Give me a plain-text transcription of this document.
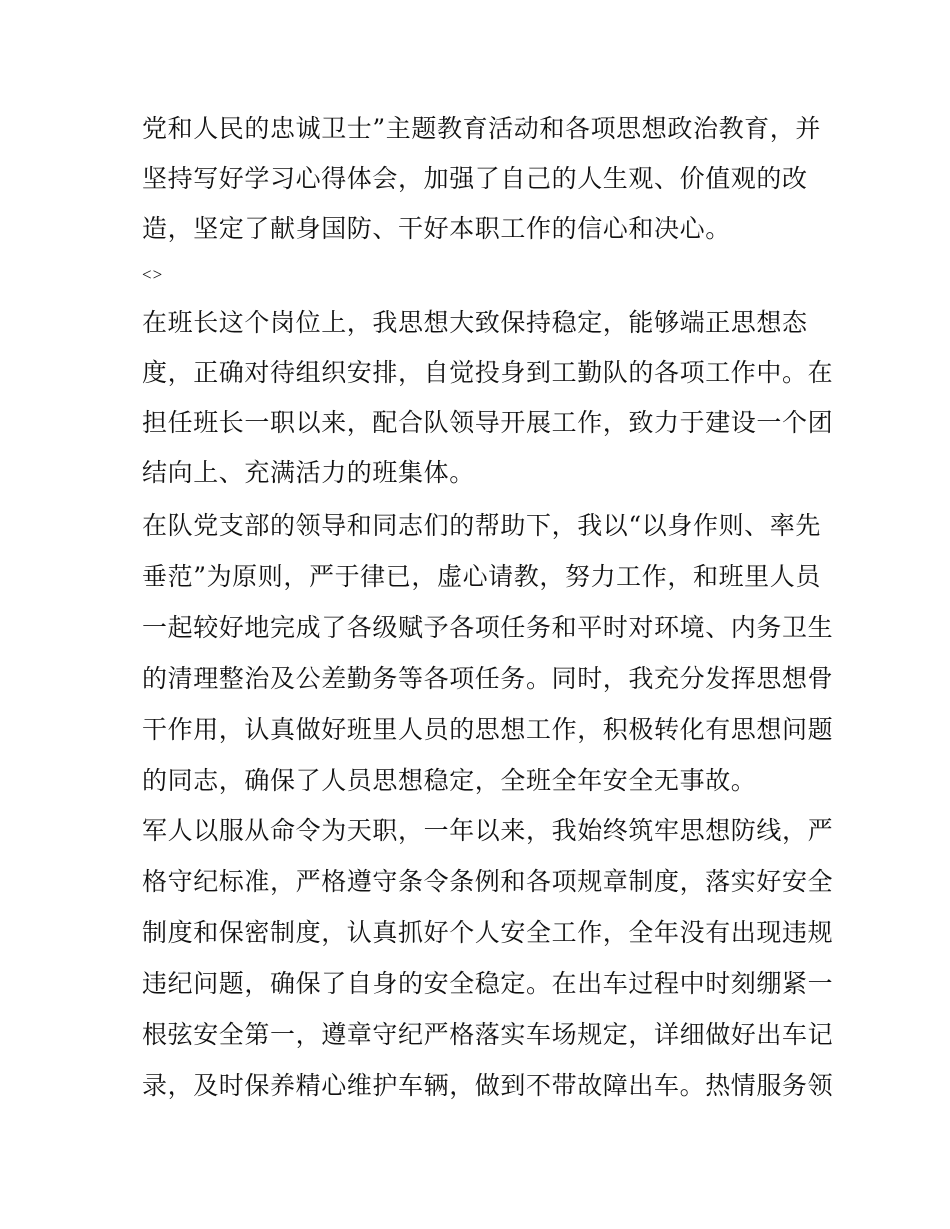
党和人民的忠诚卫士”主题教育活动和各项思想政治教育，并
坚持写好学习心得体会，加强了自己的人生观、价值观的改
造，坚定了献身国防、干好本职工作的信心和决心。
<>
在班长这个岗位上，我思想大致保持稳定，能够端正思想态
度，正确对待组织安排，自觉投身到工勤队的各项工作中。在
担任班长一职以来，配合队领导开展工作，致力于建设一个团
结向上、充满活力的班集体。
在队党支部的领导和同志们的帮助下，我以“以身作则、率先
垂范”为原则，严于律已，虚心请教，努力工作，和班里人员
一起较好地完成了各级赋予各项任务和平时对环境、内务卫生
的清理整治及公差勤务等各项任务。同时，我充分发挥思想骨
干作用，认真做好班里人员的思想工作，积极转化有思想问题
的同志，确保了人员思想稳定，全班全年安全无事故。
军人以服从命令为天职，一年以来，我始终筑牢思想防线，严
格守纪标准，严格遵守条令条例和各项规章制度，落实好安全
制度和保密制度，认真抓好个人安全工作，全年没有出现违规
违纪问题，确保了自身的安全稳定。在出车过程中时刻绷紧一
根弦安全第一，遵章守纪严格落实车场规定，详细做好出车记
录，及时保养精心维护车辆，做到不带故障出车。热情服务领
